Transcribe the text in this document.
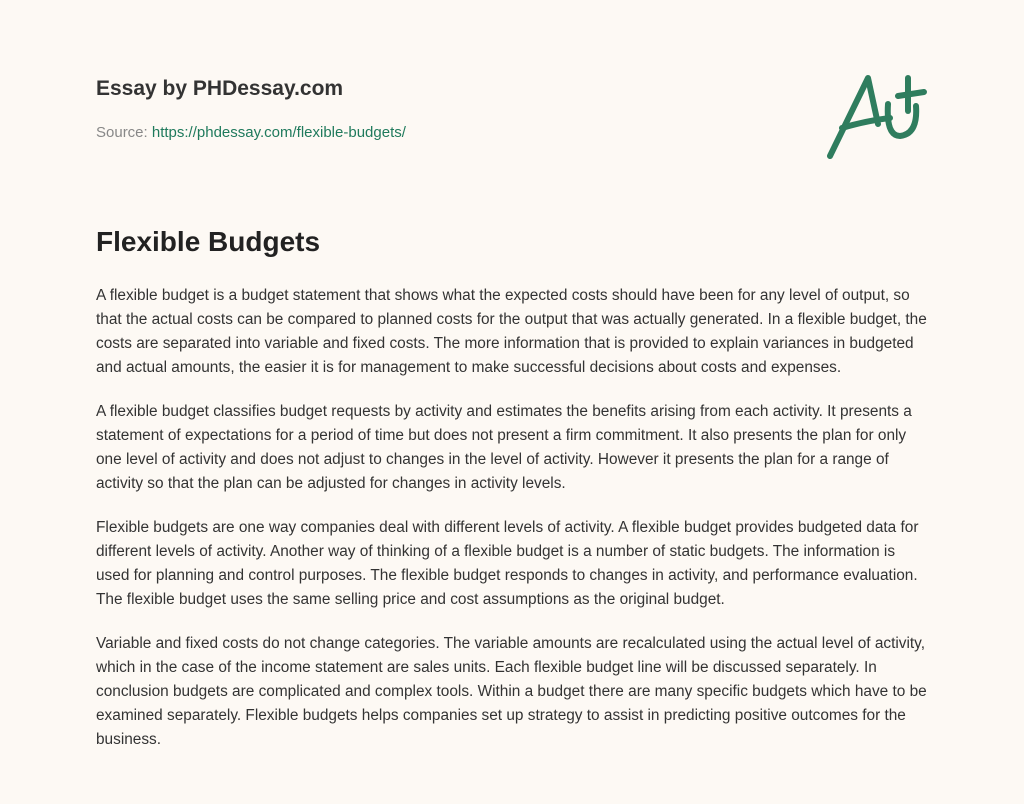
Essay by PHDessay.com
Source: https://phdessay.com/flexible-budgets/
Flexible Budgets

A flexible budget is a budget statement that shows what the expected costs should have been for any level of output, so that the actual costs can be compared to planned costs for the output that was actually generated. In a flexible budget, the costs are separated into variable and fixed costs. The more information that is provided to explain variances in budgeted and actual amounts, the easier it is for management to make successful decisions about costs and expenses.

A flexible budget classifies budget requests by activity and estimates the benefits arising from each activity. It presents a statement of expectations for a period of time but does not present a firm commitment. It also presents the plan for only one level of activity and does not adjust to changes in the level of activity. However it presents the plan for a range of activity so that the plan can be adjusted for changes in activity levels.

Flexible budgets are one way companies deal with different levels of activity. A flexible budget provides budgeted data for different levels of activity. Another way of thinking of a flexible budget is a number of static budgets. The information is used for planning and control purposes. The flexible budget responds to changes in activity, and performance evaluation. The flexible budget uses the same selling price and cost assumptions as the original budget.

Variable and fixed costs do not change categories. The variable amounts are recalculated using the actual level of activity, which in the case of the income statement are sales units. Each flexible budget line will be discussed separately. In conclusion budgets are complicated and complex tools. Within a budget there are many specific budgets which have to be examined separately. Flexible budgets helps companies set up strategy to assist in predicting positive outcomes for the business.
